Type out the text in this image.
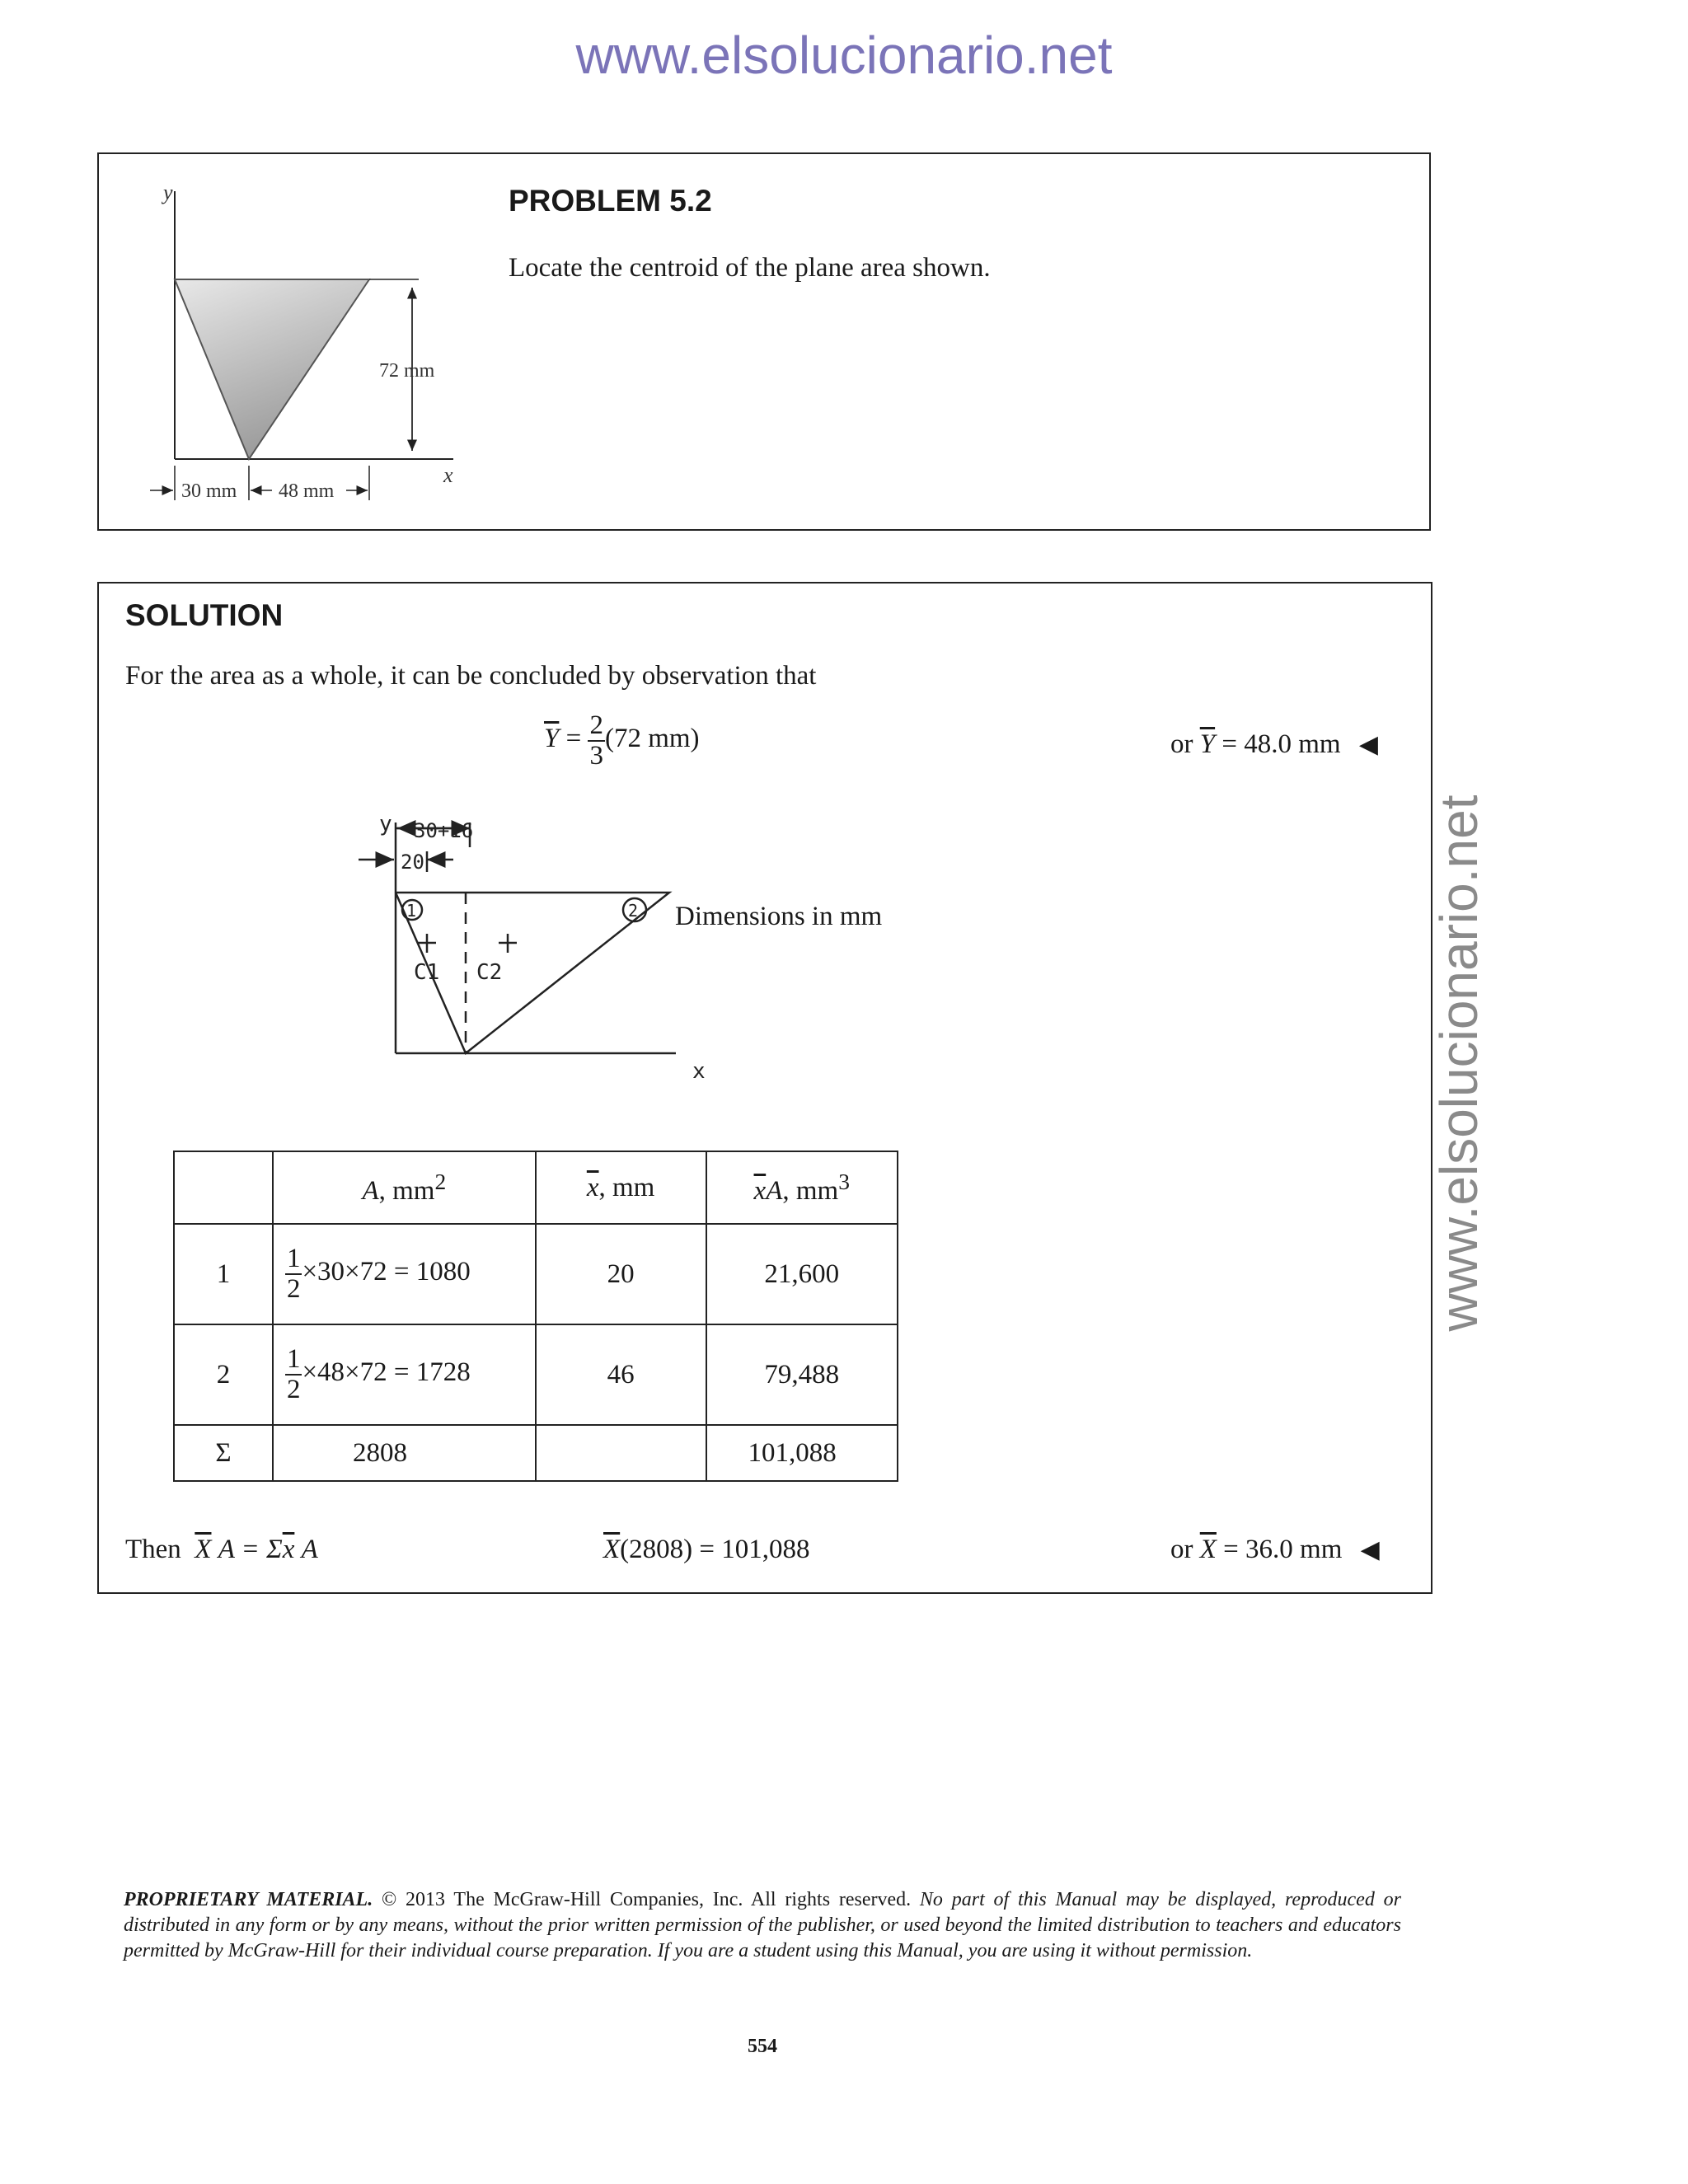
www.elsolucionario.net
www.elsolucionario.net
y
x
72 mm
30 mm 48 mm
PROBLEM 5.2
Locate the centroid of the plane area shown.
SOLUTION
For the area as a whole, it can be concluded by observation that
$\overline{Y} = \frac{2}{3} (72$ mm)	or $\overline{Y} = 48.0$ mm ◀
y
x
30+16
20
1	2
C1 C2
Dimensions in mm
	A, $mm^2$	$\overline{x}$, mm	$\overline{x}A$, $mm^3$
1	$\frac{1}{2} \times 30\times 72 = 1080$	20	21,600
2	$\frac{1}{2} \times 48\times 72 = 1728$	46	79,488
Σ	2808		101,088
Then $\overline{X}$ $A = \Sigma\overline{x}$ A	$\overline{X}(2808) = 101,088$	or $\overline{X} = 36.0$ mm ◀
PROPRIETARY MATERIAL. © 2013 The McGraw-Hill Companies, Inc. All rights reserved. No part of this Manual may be displayed, reproduced or distributed in any form or by any means, without the prior written permission of the publisher, or used beyond the limited distribution to teachers and educators permitted by McGraw-Hill for their individual course preparation. If you are a student using this Manual, you are using it without permission.
554
